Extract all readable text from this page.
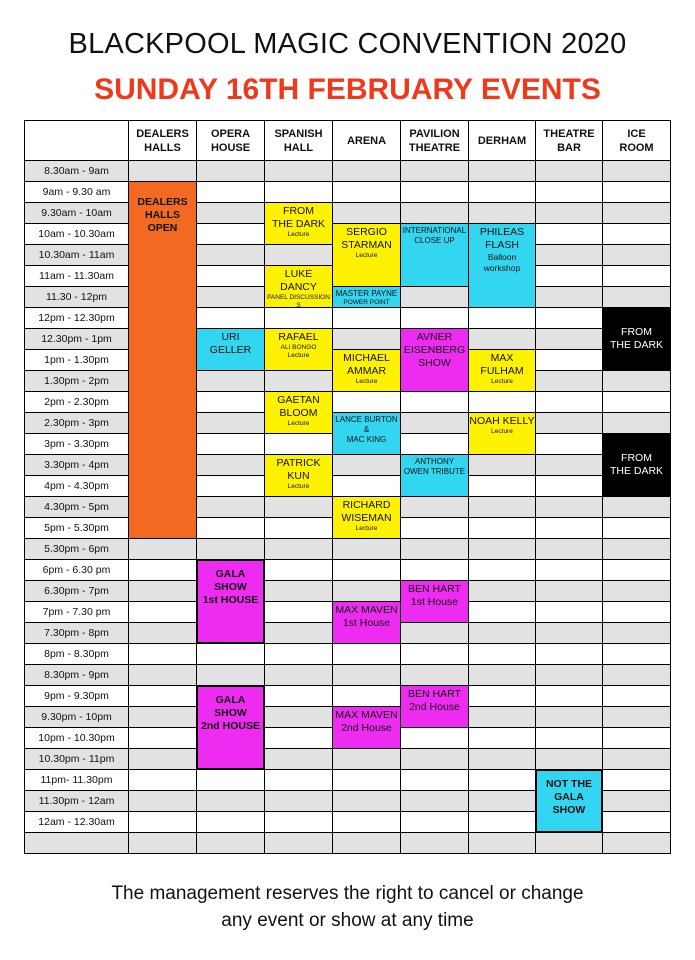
BLACKPOOL MAGIC CONVENTION 2020
SUNDAY 16TH FEBRUARY EVENTS
DEALERS
HALLS
OPERA
HOUSE
SPANISH
HALL
ARENA
PAVILION
THEATRE
DERHAM
THEATRE
BAR
ICE
ROOM
8.30am - 9am
9am - 9.30 am
9.30am - 10am
10am - 10.30am
10.30am - 11am
11am - 11.30am
11.30 - 12pm
12pm - 12.30pm
12.30pm - 1pm
1pm - 1.30pm
1.30pm - 2pm
2pm - 2.30pm
2.30pm - 3pm
3pm - 3.30pm
3.30pm - 4pm
4pm - 4.30pm
4.30pm - 5pm
5pm - 5.30pm
5.30pm - 6pm
6pm - 6.30 pm
6.30pm - 7pm
7pm - 7.30 pm
7.30pm - 8pm
8pm - 8.30pm
8.30pm - 9pm
9pm - 9.30pm
9.30pm - 10pm
10pm - 10.30pm
10.30pm - 11pm
11pm- 11.30pm
11.30pm - 12am
12am - 12.30am
DEALERS
HALLS
OPEN
FROM
THE DARK
Lecture	SERGIO
STARMAN
Lecture
INTERNATIONAL
CLOSE UP
PHILEAS
FLASH
Balloon
workshop
LUKE DANCY
PANEL DISCUSSION
S
MASTER PAYNE
POWER POINT
URI
GELLER
RAFAEL
ALI BONGO
Lecture
AVNER
EISENBERG
SHOW
FROM
THE DARK
MICHAEL
AMMAR
Lecture
MAX
FULHAM
Lecture
GAETAN
BLOOM
Lecture	LANCE BURTON
&
MAC KING
NOAH KELLY
Lecture
FROM
THE DARK
PATRICK
KUN
Lecture
ANTHONY
OWEN TRIBUTE
RICHARD
WISEMAN
Lecture
GALA
SHOW
1st HOUSE
BEN HART
1st House
MAX MAVEN
1st House
GALA
SHOW
2nd HOUSE
BEN HART
2nd House
MAX MAVEN
2nd House
NOT THE
GALA SHOW
The management reserves the right to cancel or change
any event or show at any time
